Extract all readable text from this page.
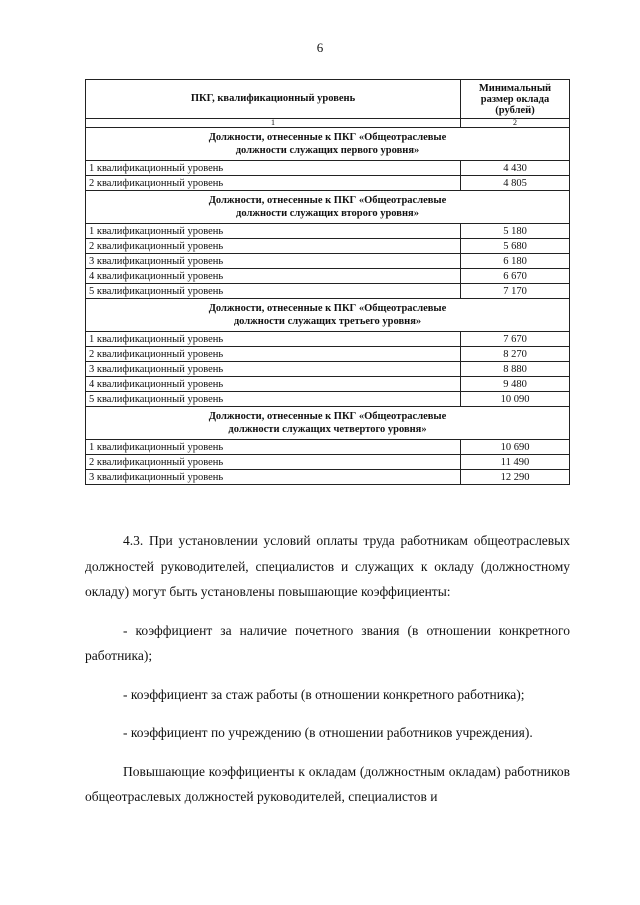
6
ПКГ, квалификационный уровень	Минимальный
размер оклада
(рублей)
1	2
Должности, отнесенные к ПКГ «Общеотраслевые
должности служащих первого уровня»	
1 квалификационный уровень	4 430
2 квалификационный уровень	4 805
Должности, отнесенные к ПКГ «Общеотраслевые
должности служащих второго уровня»	
1 квалификационный уровень	5 180
2 квалификационный уровень	5 680
3 квалификационный уровень	6 180
4 квалификационный уровень	6 670
5 квалификационный уровень	7 170
Должности, отнесенные к ПКГ «Общеотраслевые
должности служащих третьего уровня»	
1 квалификационный уровень	7 670
2 квалификационный уровень	8 270
3 квалификационный уровень	8 880
4 квалификационный уровень	9 480
5 квалификационный уровень	10 090
Должности, отнесенные к ПКГ «Общеотраслевые
должности служащих четвертого уровня»	
1 квалификационный уровень	10 690
2 квалификационный уровень	11 490
3 квалификационный уровень	12 290

4.3. При установлении условий оплаты труда работникам общеотраслевых должностей руководителей, специалистов и служащих к окладу (должностному окладу) могут быть установлены повышающие коэффициенты:

- коэффициент за наличие почетного звания (в отношении конкретного работника);

- коэффициент за стаж работы (в отношении конкретного работника);

- коэффициент по учреждению (в отношении работников учреждения).

Повышающие коэффициенты к окладам (должностным окладам) работников общеотраслевых должностей руководителей, специалистов и
